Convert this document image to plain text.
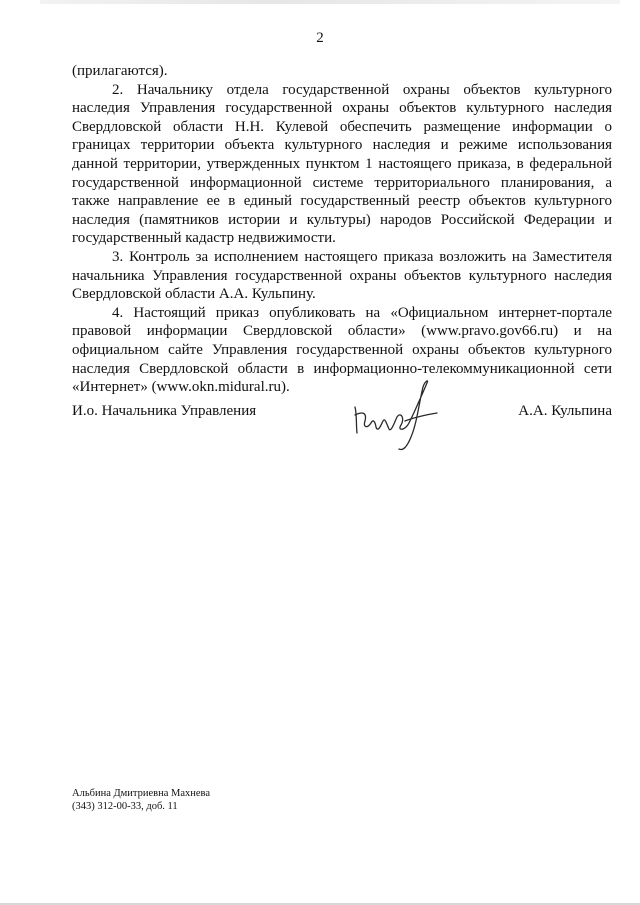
2

(прилагаются).

2. Начальнику отдела государственной охраны объектов культурного наследия Управления государственной охраны объектов культурного наследия Свердловской области Н.Н. Кулевой обеспечить размещение информации о границах территории объекта культурного наследия и режиме использования данной территории, утвержденных пунктом 1 настоящего приказа, в федеральной государственной информационной системе территориального планирования, а также направление ее в единый государственный реестр объектов культурного наследия (памятников истории и культуры) народов Российской Федерации и государственный кадастр недвижимости.

3. Контроль за исполнением настоящего приказа возложить на Заместителя начальника Управления государственной охраны объектов культурного наследия Свердловской области А.А. Кульпину.

4. Настоящий приказ опубликовать на «Официальном интернет-портале правовой информации Свердловской области» (www.pravo.gov66.ru) и на официальном сайте Управления государственной охраны объектов культурного наследия Свердловской области в информационно-телекоммуникационной сети «Интернет» (www.okn.midural.ru).

И.о. Начальника Управления	А.А. Кульпина
Альбина Дмитриевна Махнева
(343) 312-00-33, доб. 11
